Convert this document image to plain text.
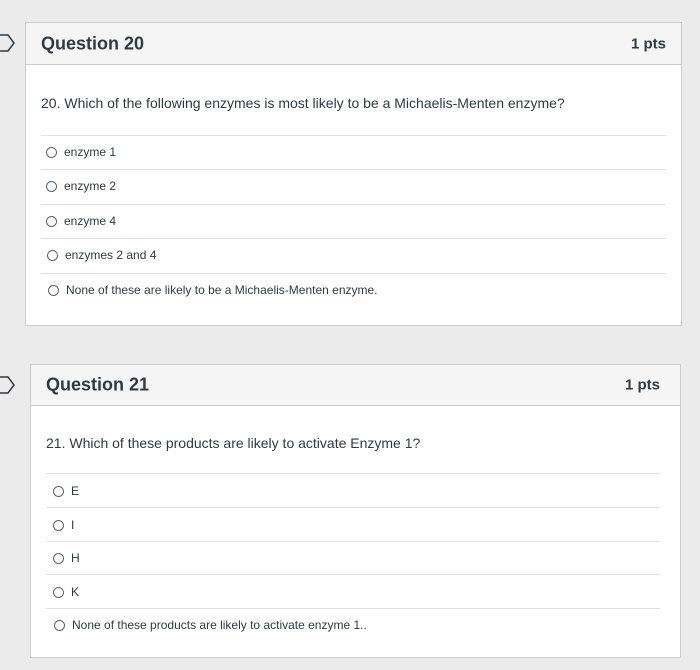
Question 20	1 pts
20. Which of the following enzymes is most likely to be a Michaelis-Menten enzyme?
enzyme 1
enzyme 2
enzyme 4
enzymes 2 and 4
None of these are likely to be a Michaelis-Menten enzyme.
Question 21	1 pts
21. Which of these products are likely to activate Enzyme 1?
E
I
H
K
None of these products are likely to activate enzyme 1..
